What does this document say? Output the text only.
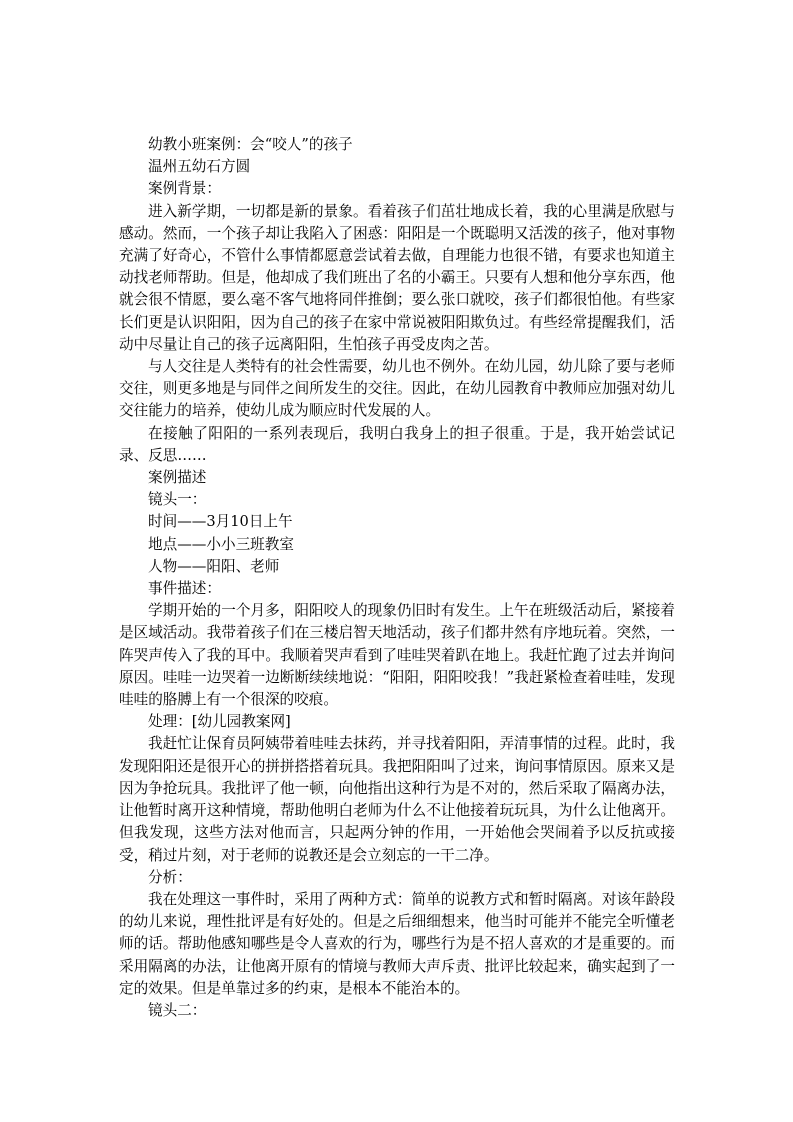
幼教小班案例：会“咬人”的孩子

温州五幼石方圆

案例背景：

进入新学期，一切都是新的景象。看着孩子们茁壮地成长着，我的心里满是欣慰与感动。然而，一个孩子却让我陷入了困惑：阳阳是一个既聪明又活泼的孩子，他对事物充满了好奇心，不管什么事情都愿意尝试着去做，自理能力也很不错，有要求也知道主动找老师帮助。但是，他却成了我们班出了名的小霸王。只要有人想和他分享东西，他就会很不情愿，要么毫不客气地将同伴推倒；要么张口就咬，孩子们都很怕他。有些家长们更是认识阳阳，因为自己的孩子在家中常说被阳阳欺负过。有些经常提醒我们，活动中尽量让自己的孩子远离阳阳，生怕孩子再受皮肉之苦。

与人交往是人类特有的社会性需要，幼儿也不例外。在幼儿园，幼儿除了要与老师交往，则更多地是与同伴之间所发生的交往。因此，在幼儿园教育中教师应加强对幼儿交往能力的培养，使幼儿成为顺应时代发展的人。

在接触了阳阳的一系列表现后，我明白我身上的担子很重。于是，我开始尝试记录、反思……

案例描述

镜头一：

时间——3月10日上午

地点——小小三班教室

人物——阳阳、老师

事件描述：

学期开始的一个月多，阳阳咬人的现象仍旧时有发生。上午在班级活动后，紧接着是区域活动。我带着孩子们在三楼启智天地活动，孩子们都井然有序地玩着。突然，一阵哭声传入了我的耳中。我顺着哭声看到了哇哇哭着趴在地上。我赶忙跑了过去并询问原因。哇哇一边哭着一边断断续续地说：“阳阳，阳阳咬我！”我赶紧检查着哇哇，发现哇哇的胳膊上有一个很深的咬痕。

处理：[幼儿园教案网]

我赶忙让保育员阿姨带着哇哇去抹药，并寻找着阳阳，弄清事情的过程。此时，我发现阳阳还是很开心的拼拼搭搭着玩具。我把阳阳叫了过来，询问事情原因。原来又是因为争抢玩具。我批评了他一顿，向他指出这种行为是不对的，然后采取了隔离办法，让他暂时离开这种情境，帮助他明白老师为什么不让他接着玩玩具，为什么让他离开。但我发现，这些方法对他而言，只起两分钟的作用，一开始他会哭闹着予以反抗或接受，稍过片刻，对于老师的说教还是会立刻忘的一干二净。

分析：

我在处理这一事件时，采用了两种方式：简单的说教方式和暂时隔离。对该年龄段的幼儿来说，理性批评是有好处的。但是之后细细想来，他当时可能并不能完全听懂老师的话。帮助他感知哪些是令人喜欢的行为，哪些行为是不招人喜欢的才是重要的。而采用隔离的办法，让他离开原有的情境与教师大声斥责、批评比较起来，确实起到了一定的效果。但是单靠过多的约束，是根本不能治本的。

镜头二：
